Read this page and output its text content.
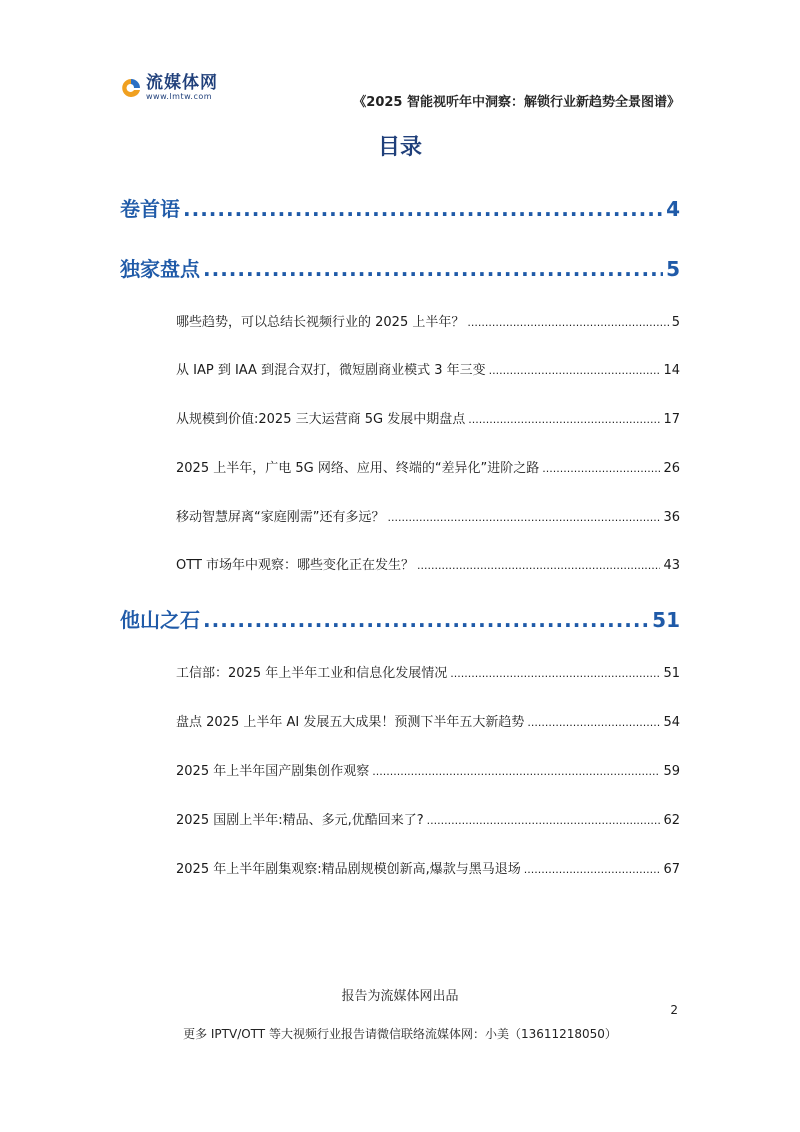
流媒体网
www.lmtw.com	《2025 智能视听年中洞察：解锁行业新趋势全景图谱》
目录
卷首语 .....	4
独家盘点 .....	5
哪些趋势，可以总结长视频行业的 2025 上半年？ .....	5
从 IAP 到 IAA 到混合双打，微短剧商业模式 3 年三变 .....	14
从规模到价值:2025 三大运营商 5G 发展中期盘点 .....	17
2025 上半年，广电 5G 网络、应用、终端的“差异化”进阶之路 .....	26
移动智慧屏离“家庭刚需”还有多远？ .....	36
OTT 市场年中观察：哪些变化正在发生？ .....	43
他山之石 .....	51
工信部：2025 年上半年工业和信息化发展情况 .....	51
盘点 2025 上半年 AI 发展五大成果！预测下半年五大新趋势 .....	54
2025 年上半年国产剧集创作观察 .....	59
2025 国剧上半年:精品、多元,优酷回来了? .....	62
2025 年上半年剧集观察:精品剧规模创新高,爆款与黑马退场 .....	67
报告为流媒体网出品
2
更多 IPTV/OTT 等大视频行业报告请微信联络流媒体网：小美（13611218050）
